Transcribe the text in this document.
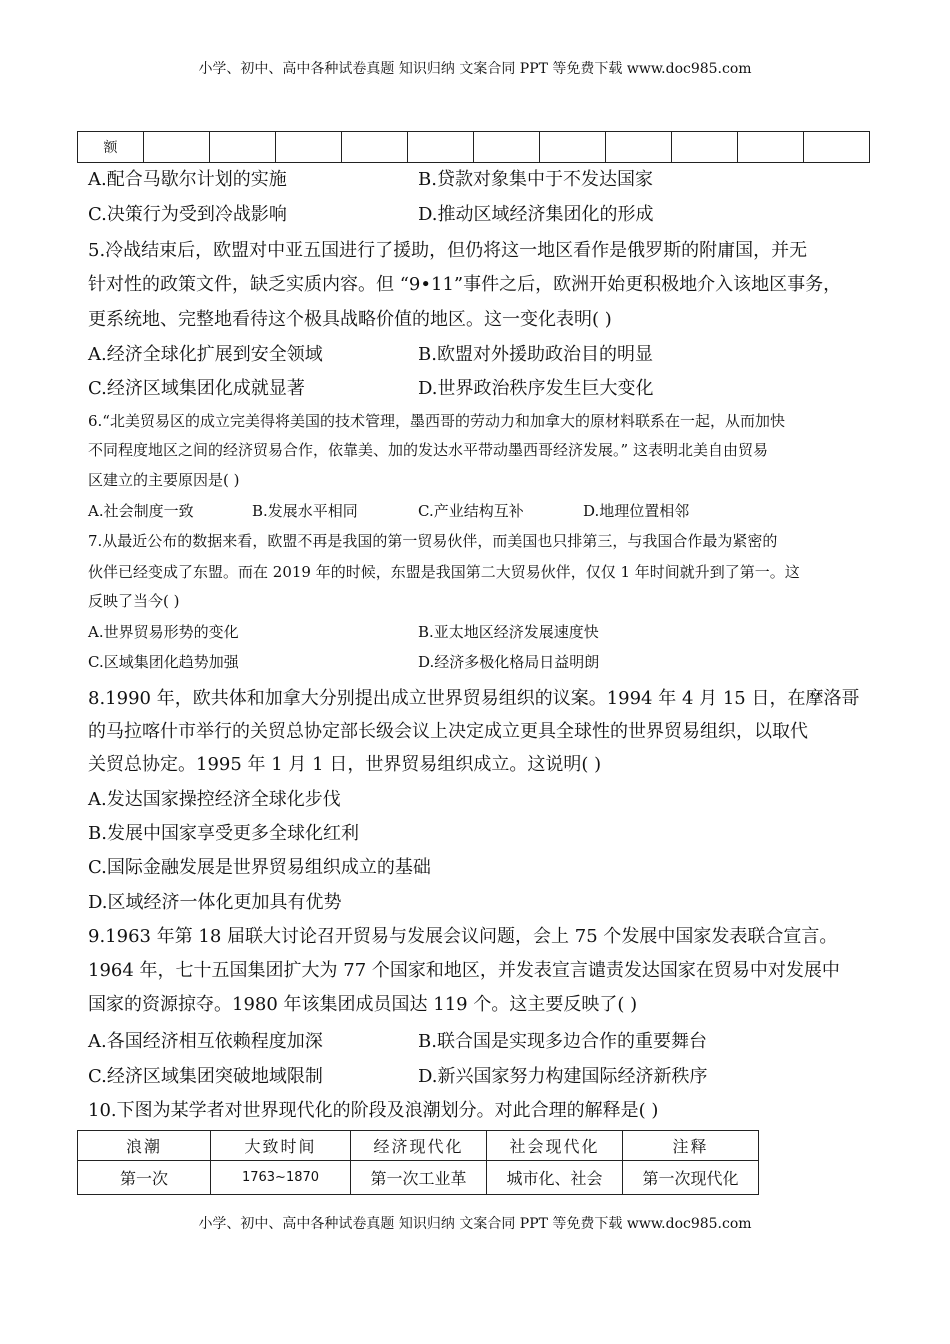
小学、初中、高中各种试卷真题 知识归纳 文案合同 PPT 等免费下载 www.doc985.com
额											
A.配合马歇尔计划的实施	B.贷款对象集中于不发达国家
C.决策行为受到冷战影响	D.推动区域经济集团化的形成
5.冷战结束后，欧盟对中亚五国进行了援助，但仍将这一地区看作是俄罗斯的附庸国，并无
针对性的政策文件，缺乏实质内容。但 “9•11”事件之后，欧洲开始更积极地介入该地区事务，
更系统地、完整地看待这个极具战略价值的地区。这一变化表明( )
A.经济全球化扩展到安全领域	B.欧盟对外援助政治目的明显
C.经济区域集团化成就显著	D.世界政治秩序发生巨大变化
6.“北美贸易区的成立完美得将美国的技术管理，墨西哥的劳动力和加拿大的原材料联系在一起，从而加快
不同程度地区之间的经济贸易合作，依靠美、加的发达水平带动墨西哥经济发展。” 这表明北美自由贸易
区建立的主要原因是( )
A.社会制度一致	B.发展水平相同	C.产业结构互补	D.地理位置相邻
7.从最近公布的数据来看，欧盟不再是我国的第一贸易伙伴，而美国也只排第三，与我国合作最为紧密的
伙伴已经变成了东盟。而在 2019 年的时候，东盟是我国第二大贸易伙伴，仅仅 1 年时间就升到了第一。这
反映了当今( )
A.世界贸易形势的变化	B.亚太地区经济发展速度快
C.区域集团化趋势加强	D.经济多极化格局日益明朗
8.1990 年，欧共体和加拿大分别提出成立世界贸易组织的议案。1994 年 4 月 15 日，在摩洛哥
的马拉喀什市举行的关贸总协定部长级会议上决定成立更具全球性的世界贸易组织，以取代
关贸总协定。1995 年 1 月 1 日，世界贸易组织成立。这说明( )
A.发达国家操控经济全球化步伐
B.发展中国家享受更多全球化红利
C.国际金融发展是世界贸易组织成立的基础
D.区域经济一体化更加具有优势
9.1963 年第 18 届联大讨论召开贸易与发展会议问题，会上 75 个发展中国家发表联合宣言。
1964 年，七十五国集团扩大为 77 个国家和地区，并发表宣言谴责发达国家在贸易中对发展中
国家的资源掠夺。1980 年该集团成员国达 119 个。这主要反映了( )
A.各国经济相互依赖程度加深	B.联合国是实现多边合作的重要舞台
C.经济区域集团突破地域限制	D.新兴国家努力构建国际经济新秩序
10.下图为某学者对世界现代化的阶段及浪潮划分。对此合理的解释是( )
浪潮	大致时间	经济现代化	社会现代化	注释
第一次	1763~1870	第一次工业革	城市化、社会	第一次现代化
小学、初中、高中各种试卷真题 知识归纳 文案合同 PPT 等免费下载 www.doc985.com
